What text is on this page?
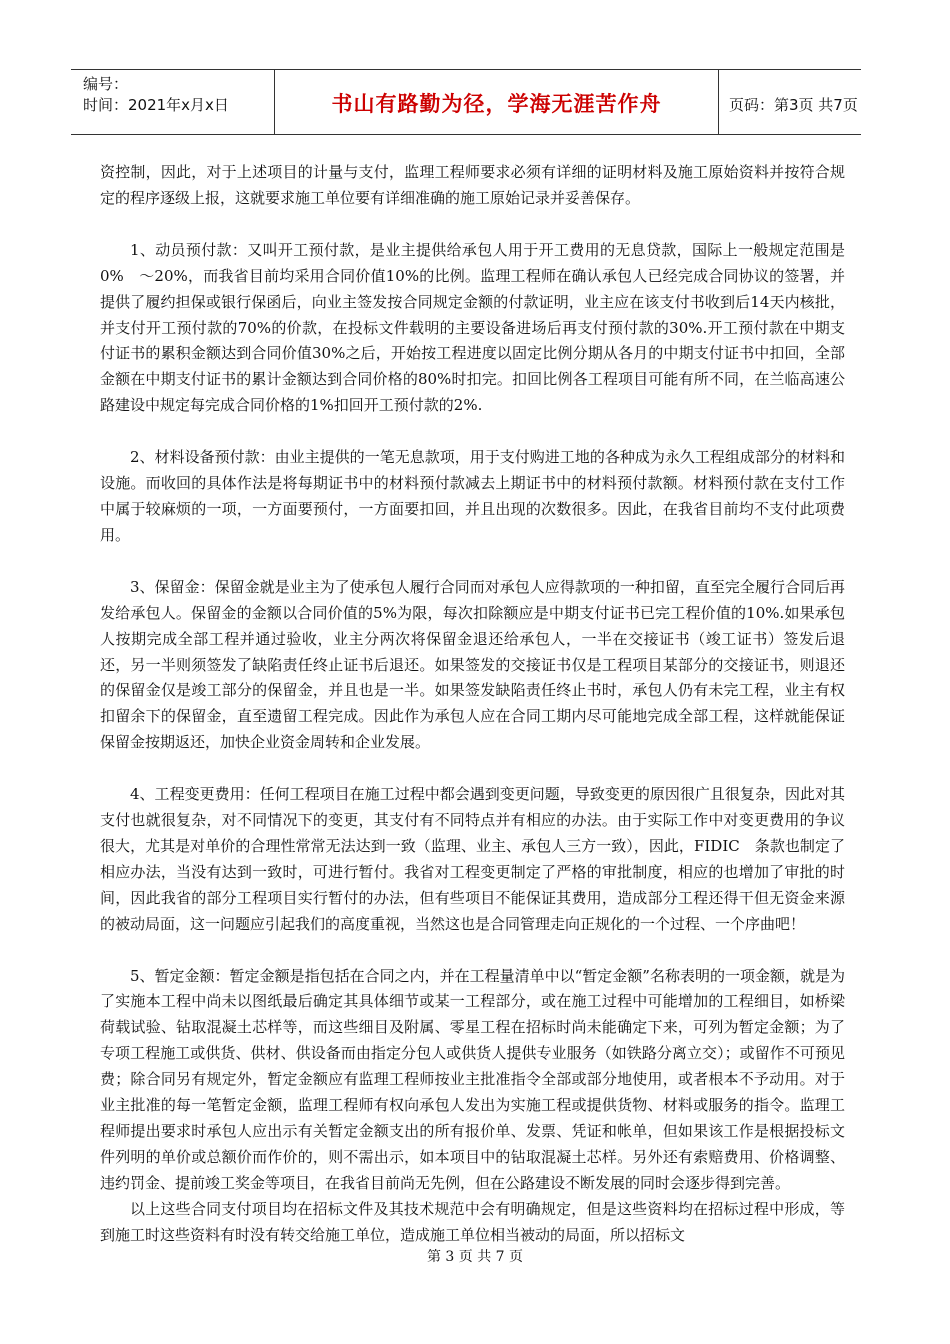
编号：
时间：2021年x月x日	书山有路勤为径，学海无涯苦作舟	页码：第3页 共7页

资控制，因此，对于上述项目的计量与支付，监理工程师要求必须有详细的证明材料及施工原始资料并按符合规定的程序逐级上报，这就要求施工单位要有详细准确的施工原始记录并妥善保存。

1、动员预付款：又叫开工预付款，是业主提供给承包人用于开工费用的无息贷款，国际上一般规定范围是0%　～20%，而我省目前均采用合同价值10%的比例。监理工程师在确认承包人已经完成合同协议的签署，并提供了履约担保或银行保函后，向业主签发按合同规定金额的付款证明，业主应在该支付书收到后14天内核批，并支付开工预付款的70%的价款，在投标文件载明的主要设备进场后再支付预付款的30%.开工预付款在中期支付证书的累积金额达到合同价值30%之后，开始按工程进度以固定比例分期从各月的中期支付证书中扣回，全部金额在中期支付证书的累计金额达到合同价格的80%时扣完。扣回比例各工程项目可能有所不同，在兰临高速公路建设中规定每完成合同价格的1%扣回开工预付款的2%.

2、材料设备预付款：由业主提供的一笔无息款项，用于支付购进工地的各种成为永久工程组成部分的材料和设施。而收回的具体作法是将每期证书中的材料预付款减去上期证书中的材料预付款额。材料预付款在支付工作中属于较麻烦的一项，一方面要预付，一方面要扣回，并且出现的次数很多。因此，在我省目前均不支付此项费用。

3、保留金：保留金就是业主为了使承包人履行合同而对承包人应得款项的一种扣留，直至完全履行合同后再发给承包人。保留金的金额以合同价值的5%为限，每次扣除额应是中期支付证书已完工程价值的10%.如果承包人按期完成全部工程并通过验收，业主分两次将保留金退还给承包人，一半在交接证书（竣工证书）签发后退还，另一半则须签发了缺陷责任终止证书后退还。如果签发的交接证书仅是工程项目某部分的交接证书，则退还的保留金仅是竣工部分的保留金，并且也是一半。如果签发缺陷责任终止书时，承包人仍有未完工程，业主有权扣留余下的保留金，直至遗留工程完成。因此作为承包人应在合同工期内尽可能地完成全部工程，这样就能保证保留金按期返还，加快企业资金周转和企业发展。

4、工程变更费用：任何工程项目在施工过程中都会遇到变更问题，导致变更的原因很广且很复杂，因此对其支付也就很复杂，对不同情况下的变更，其支付有不同特点并有相应的办法。由于实际工作中对变更费用的争议很大，尤其是对单价的合理性常常无法达到一致（监理、业主、承包人三方一致），因此，FIDIC　条款也制定了相应办法，当没有达到一致时，可进行暂付。我省对工程变更制定了严格的审批制度，相应的也增加了审批的时间，因此我省的部分工程项目实行暂付的办法，但有些项目不能保证其费用，造成部分工程还得干但无资金来源的被动局面，这一问题应引起我们的高度重视，当然这也是合同管理走向正规化的一个过程、一个序曲吧！

5、暂定金额：暂定金额是指包括在合同之内，并在工程量清单中以“暂定金额”名称表明的一项金额，就是为了实施本工程中尚未以图纸最后确定其具体细节或某一工程部分，或在施工过程中可能增加的工程细目，如桥梁荷载试验、钻取混凝土芯样等，而这些细目及附属、零星工程在招标时尚未能确定下来，可列为暂定金额；为了专项工程施工或供货、供材、供设备而由指定分包人或供货人提供专业服务（如铁路分离立交）；或留作不可预见费；除合同另有规定外，暂定金额应有监理工程师按业主批准指令全部或部分地使用，或者根本不予动用。对于业主批准的每一笔暂定金额，监理工程师有权向承包人发出为实施工程或提供货物、材料或服务的指令。监理工程师提出要求时承包人应出示有关暂定金额支出的所有报价单、发票、凭证和帐单，但如果该工作是根据投标文件列明的单价或总额价而作价的，则不需出示，如本项目中的钻取混凝土芯样。另外还有索赔费用、价格调整、违约罚金、提前竣工奖金等项目，在我省目前尚无先例，但在公路建设不断发展的同时会逐步得到完善。

以上这些合同支付项目均在招标文件及其技术规范中会有明确规定，但是这些资料均在招标过程中形成，等到施工时这些资料有时没有转交给施工单位，造成施工单位相当被动的局面，所以招标文

第 3 页 共 7 页
